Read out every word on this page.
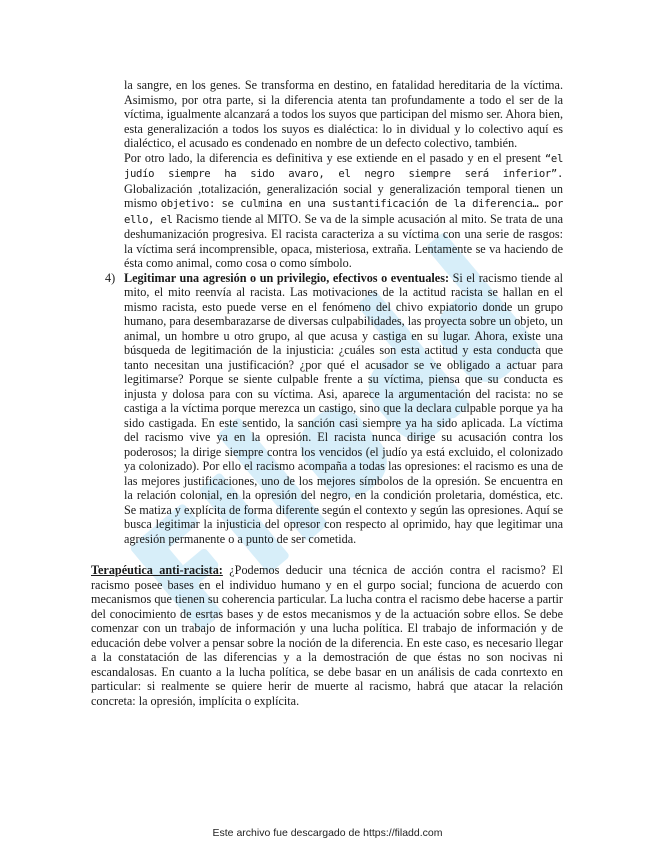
la sangre, en los genes. Se transforma en destino, en fatalidad hereditaria de la víctima. Asimismo, por otra parte, si la diferencia atenta tan profundamente a todo el ser de la víctima, igualmente alcanzará a todos los suyos que participan del mismo ser. Ahora bien, esta generalización a todos los suyos es dialéctica: lo in dividual y lo colectivo aquí es dialéctico, el acusado es condenado en nombre de un defecto colectivo, también.

Por otro lado, la diferencia es definitiva y ese extiende en el pasado y en el present “el judío siempre ha sido avaro, el negro siempre será inferior”. Globalización ,totalización, generalización social y generalización temporal tienen un mismo objetivo: se culmina en una sustantificación de la diferencia… por ello, el Racismo tiende al MITO. Se va de la simple acusación al mito. Se trata de una deshumanización progresiva. El racista caracteriza a su víctima con una serie de rasgos: la víctima será incomprensible, opaca, misteriosa, extraña. Lentamente se va haciendo de ésta como animal, como cosa o como símbolo.

4) Legitimar una agresión o un privilegio, efectivos o eventuales: Si el racismo tiende al mito, el mito reenvía al racista. Las motivaciones de la actitud racista se hallan en el mismo racista, esto puede verse en el fenómeno del chivo expiatorio donde un grupo humano, para desembarazarse de diversas culpabilidades, las proyecta sobre un objeto, un animal, un hombre u otro grupo, al que acusa y castiga en su lugar. Ahora, existe una búsqueda de legitimación de la injusticia: ¿cuáles son esta actitud y esta conducta que tanto necesitan una justificación? ¿por qué el acusador se ve obligado a actuar para legitimarse? Porque se siente culpable frente a su víctima, piensa que su conducta es injusta y dolosa para con su víctima. Asi, aparece la argumentación del racista: no se castiga a la víctima porque merezca un castigo, sino que la declara culpable porque ya ha sido castigada. En este sentido, la sanción casi siempre ya ha sido aplicada. La víctima del racismo vive ya en la opresión. El racista nunca dirige su acusación contra los poderosos; la dirige siempre contra los vencidos (el judío ya está excluido, el colonizado ya colonizado). Por ello el racismo acompaña a todas las opresiones: el racismo es una de las mejores justificaciones, uno de los mejores símbolos de la opresión. Se encuentra en la relación colonial, en la opresión del negro, en la condición proletaria, doméstica, etc. Se matiza y explícita de forma diferente según el contexto y según las opresiones. Aquí se busca legitimar la injusticia del opresor con respecto al oprimido, hay que legitimar una agresión permanente o a punto de ser cometida.

Terapéutica anti-racista: ¿Podemos deducir una técnica de acción contra el racismo? El racismo posee bases en el individuo humano y en el gurpo social; funciona de acuerdo con mecanismos que tienen su coherencia particular. La lucha contra el racismo debe hacerse a partir del conocimiento de esrtas bases y de estos mecanismos y de la actuación sobre ellos. Se debe comenzar con un trabajo de información y una lucha política. El trabajo de información y de educación debe volver a pensar sobre la noción de la diferencia. En este caso, es necesario llegar a la constatación de las diferencias y a la demostración de que éstas no son nocivas ni escandalosas. En cuanto a la lucha política, se debe basar en un análisis de cada conrtexto en particular: si realmente se quiere herir de muerte al racismo, habrá que atacar la relación concreta: la opresión, implícita o explícita.

Este archivo fue descargado de https://filadd.com
